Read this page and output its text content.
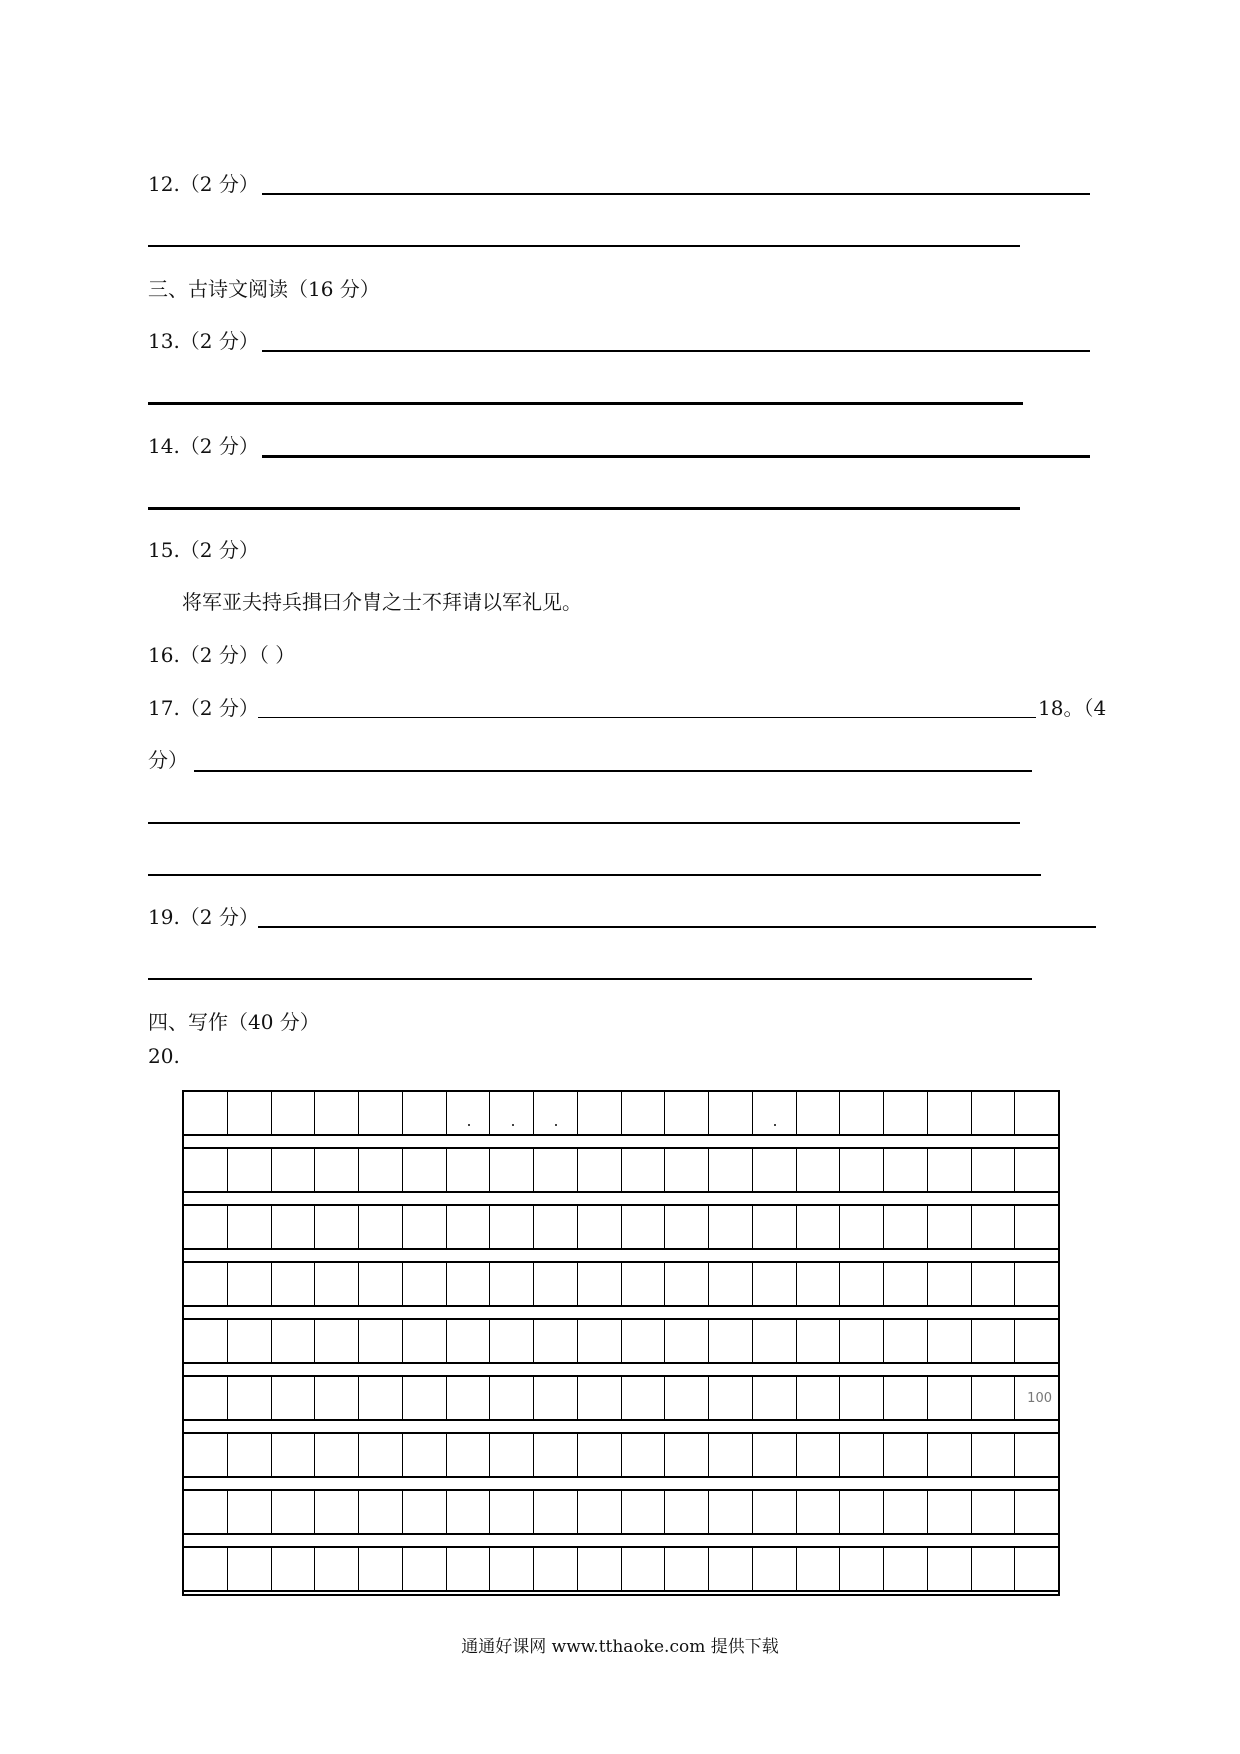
12.（2 分）
三、古诗文阅读（16 分）
13.（2 分）
14.（2 分）
15.（2 分）
将军亚夫持兵揖曰介胄之士不拜请以军礼见。
16.（2 分）（ ）
17.（2 分）	18。（4
分）
19.（2 分）
四、写作（40 分）
20.
100
通通好课网 www.tthaoke.com 提供下载
